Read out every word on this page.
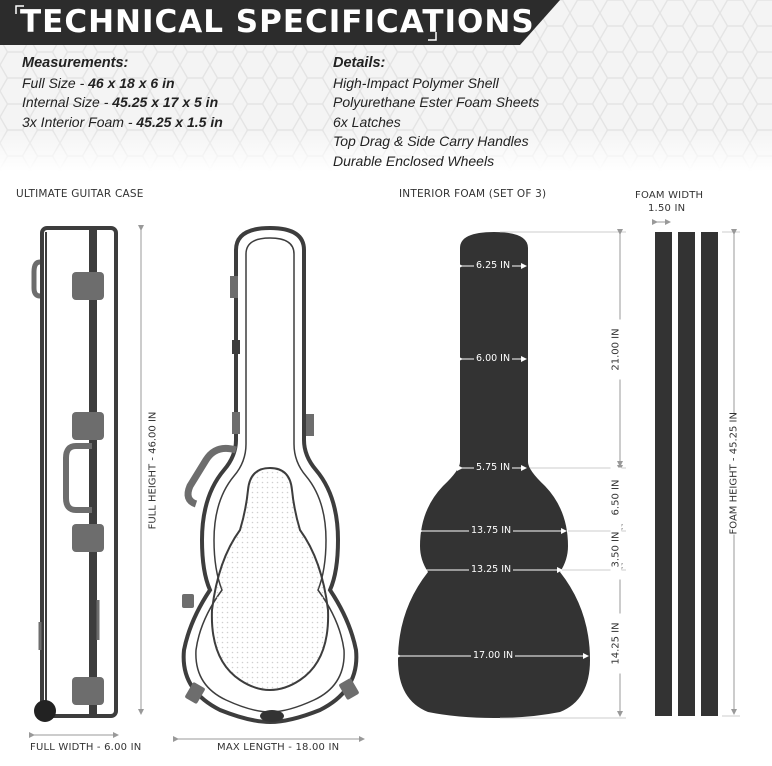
TECHNICAL SPECIFICATIONS
Measurements:
Full Size - 46 x 18 x 6 in
Internal Size - 45.25 x 17 x 5 in
3x Interior Foam - 45.25 x 1.5 in
Details:
High-Impact Polymer Shell
Polyurethane Ester Foam Sheets
6x Latches
Top Drag & Side Carry Handles
Durable Enclosed Wheels
ULTIMATE GUITAR CASE	INTERIOR FOAM (SET OF 3)	FOAM WIDTH
1.50 IN
FULL WIDTH - 6.00 IN	MAX LENGTH - 18.00 IN
FULL HEIGHT - 46.00 IN
6.25 IN
6.00 IN
5.75 IN
13.75 IN
13.25 IN
17.00 IN
21.00 IN
6.50 IN
3.50 IN
14.25 IN
FOAM HEIGHT - 45.25 IN
